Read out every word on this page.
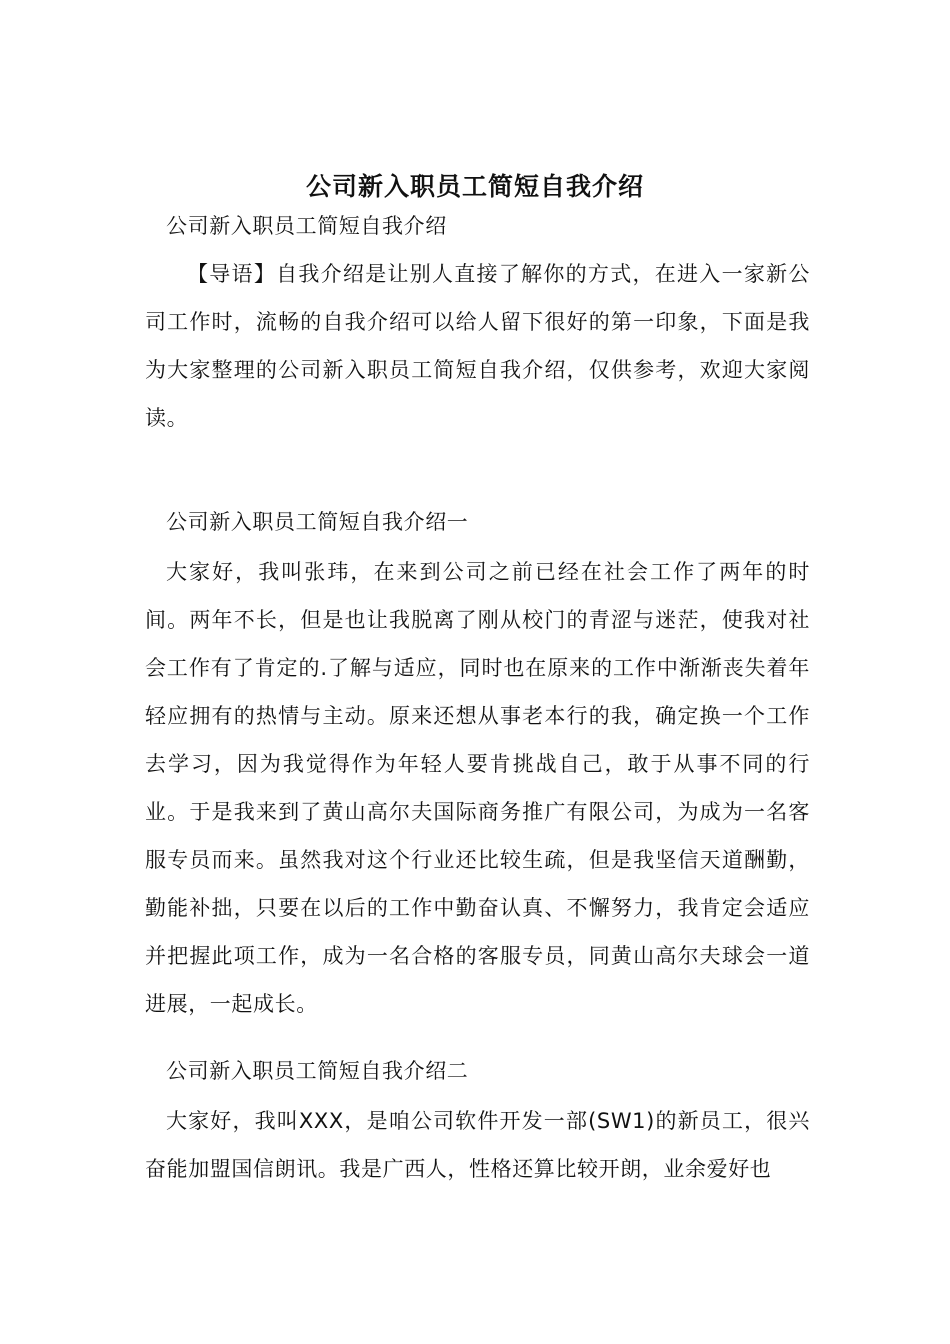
公司新入职员工简短自我介绍

公司新入职员工简短自我介绍

【导语】自我介绍是让别人直接了解你的方式，在进入一家新公司工作时，流畅的自我介绍可以给人留下很好的第一印象，下面是我为大家整理的公司新入职员工简短自我介绍，仅供参考，欢迎大家阅读。

公司新入职员工简短自我介绍一

大家好，我叫张玮，在来到公司之前已经在社会工作了两年的时间。两年不长，但是也让我脱离了刚从校门的青涩与迷茫，使我对社会工作有了肯定的.了解与适应，同时也在原来的工作中渐渐丧失着年轻应拥有的热情与主动。原来还想从事老本行的我，确定换一个工作去学习，因为我觉得作为年轻人要肯挑战自己，敢于从事不同的行业。于是我来到了黄山高尔夫国际商务推广有限公司，为成为一名客服专员而来。虽然我对这个行业还比较生疏，但是我坚信天道酬勤，勤能补拙，只要在以后的工作中勤奋认真、不懈努力，我肯定会适应并把握此项工作，成为一名合格的客服专员，同黄山高尔夫球会一道进展，一起成长。

公司新入职员工简短自我介绍二

大家好，我叫XXX，是咱公司软件开发一部(SW1)的新员工，很兴奋能加盟国信朗讯。我是广西人，性格还算比较开朗，业余爱好也
